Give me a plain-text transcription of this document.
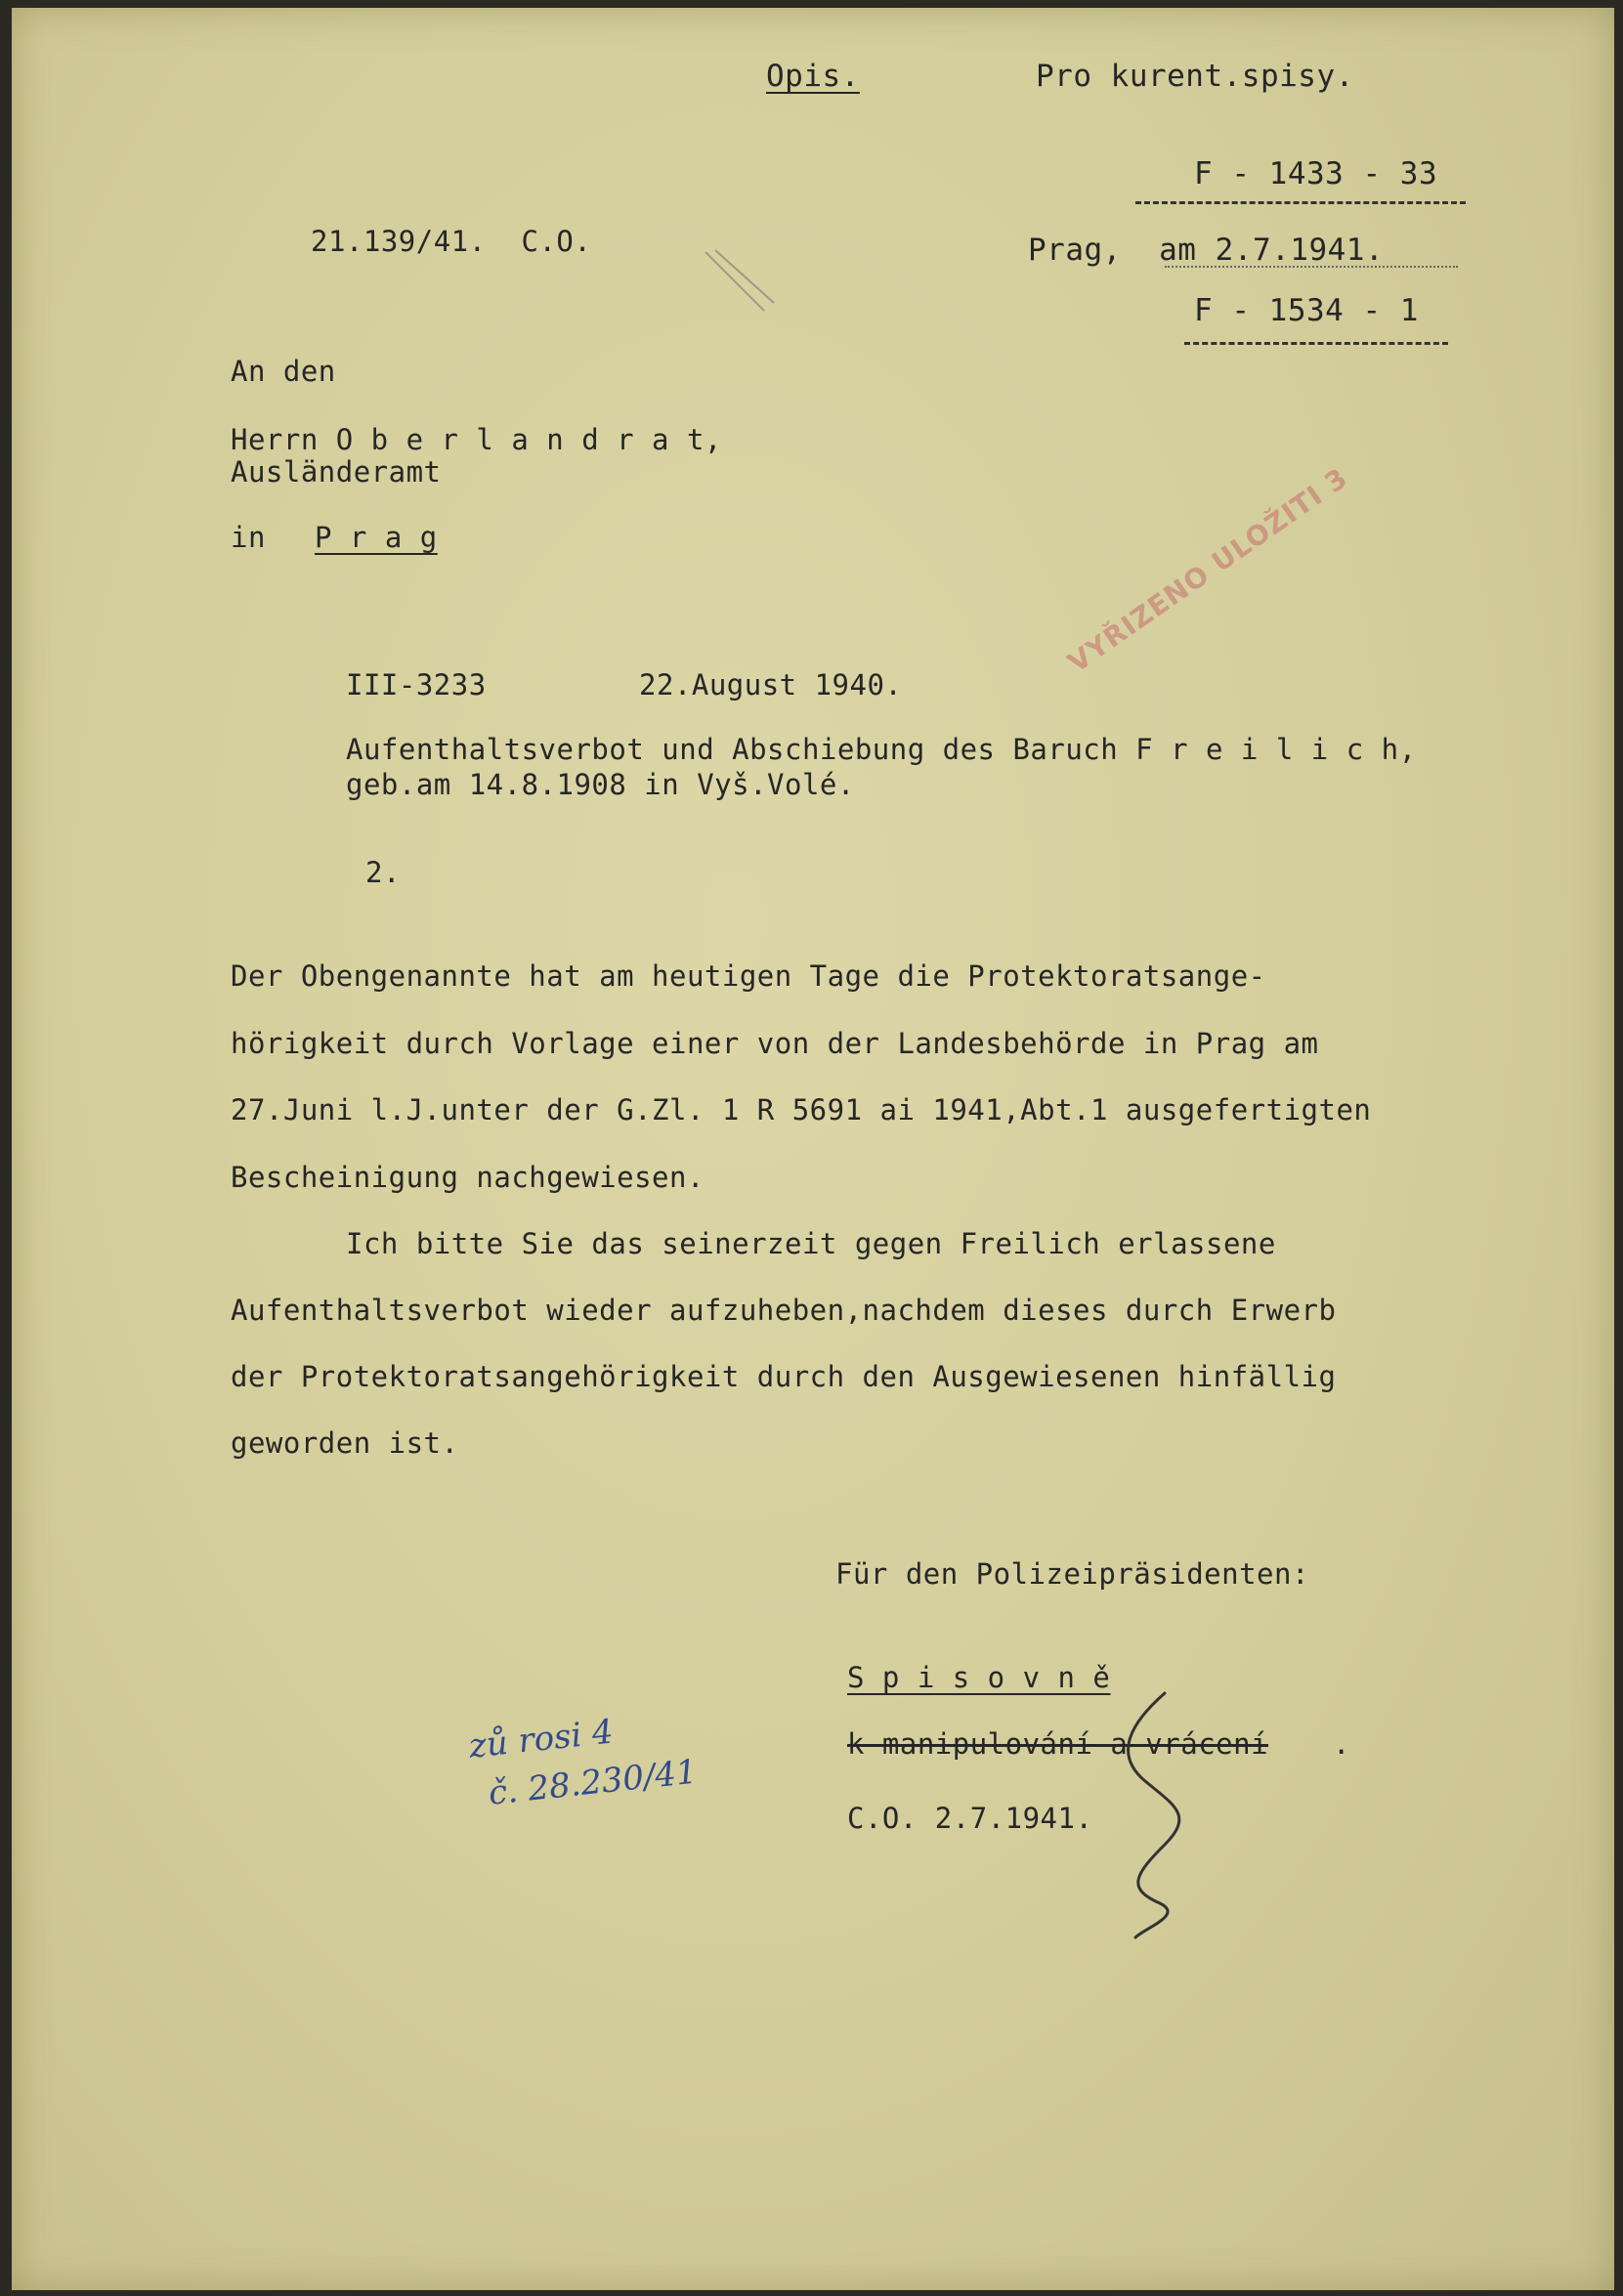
Opis.	Pro kurent.spisy.
F - 1433 - 33
21.139/41.  C.O.	Prag,  am 2.7.1941.
F - 1534 - 1
An den
Herrn O b e r l a n d r a t,
Ausländeramt
in P r a g	VYŘIZENO ULOŽITI 3
III-3233	22.August 1940.
Aufenthaltsverbot und Abschiebung des Baruch F r e i l i c h,
geb.am 14.8.1908 in Vyš.Volé.
2.
Der Obengenannte hat am heutigen Tage die Protektoratsange-
hörigkeit durch Vorlage einer von der Landesbehörde in Prag am
27.Juni l.J.unter der G.Zl. 1 R 5691 ai 1941,Abt.1 ausgefertigten
Bescheinigung nachgewiesen.
Ich bitte Sie das seinerzeit gegen Freilich erlassene
Aufenthaltsverbot wieder aufzuheben,nachdem dieses durch Erwerb
der Protektoratsangehörigkeit durch den Ausgewiesenen hinfällig
geworden ist.
Für den Polizeipräsidenten:
S p i s o v n ě
k manipulování a vrácení .
C.O. 2.7.1941.
zů rosi 4
č. 28.230/41
